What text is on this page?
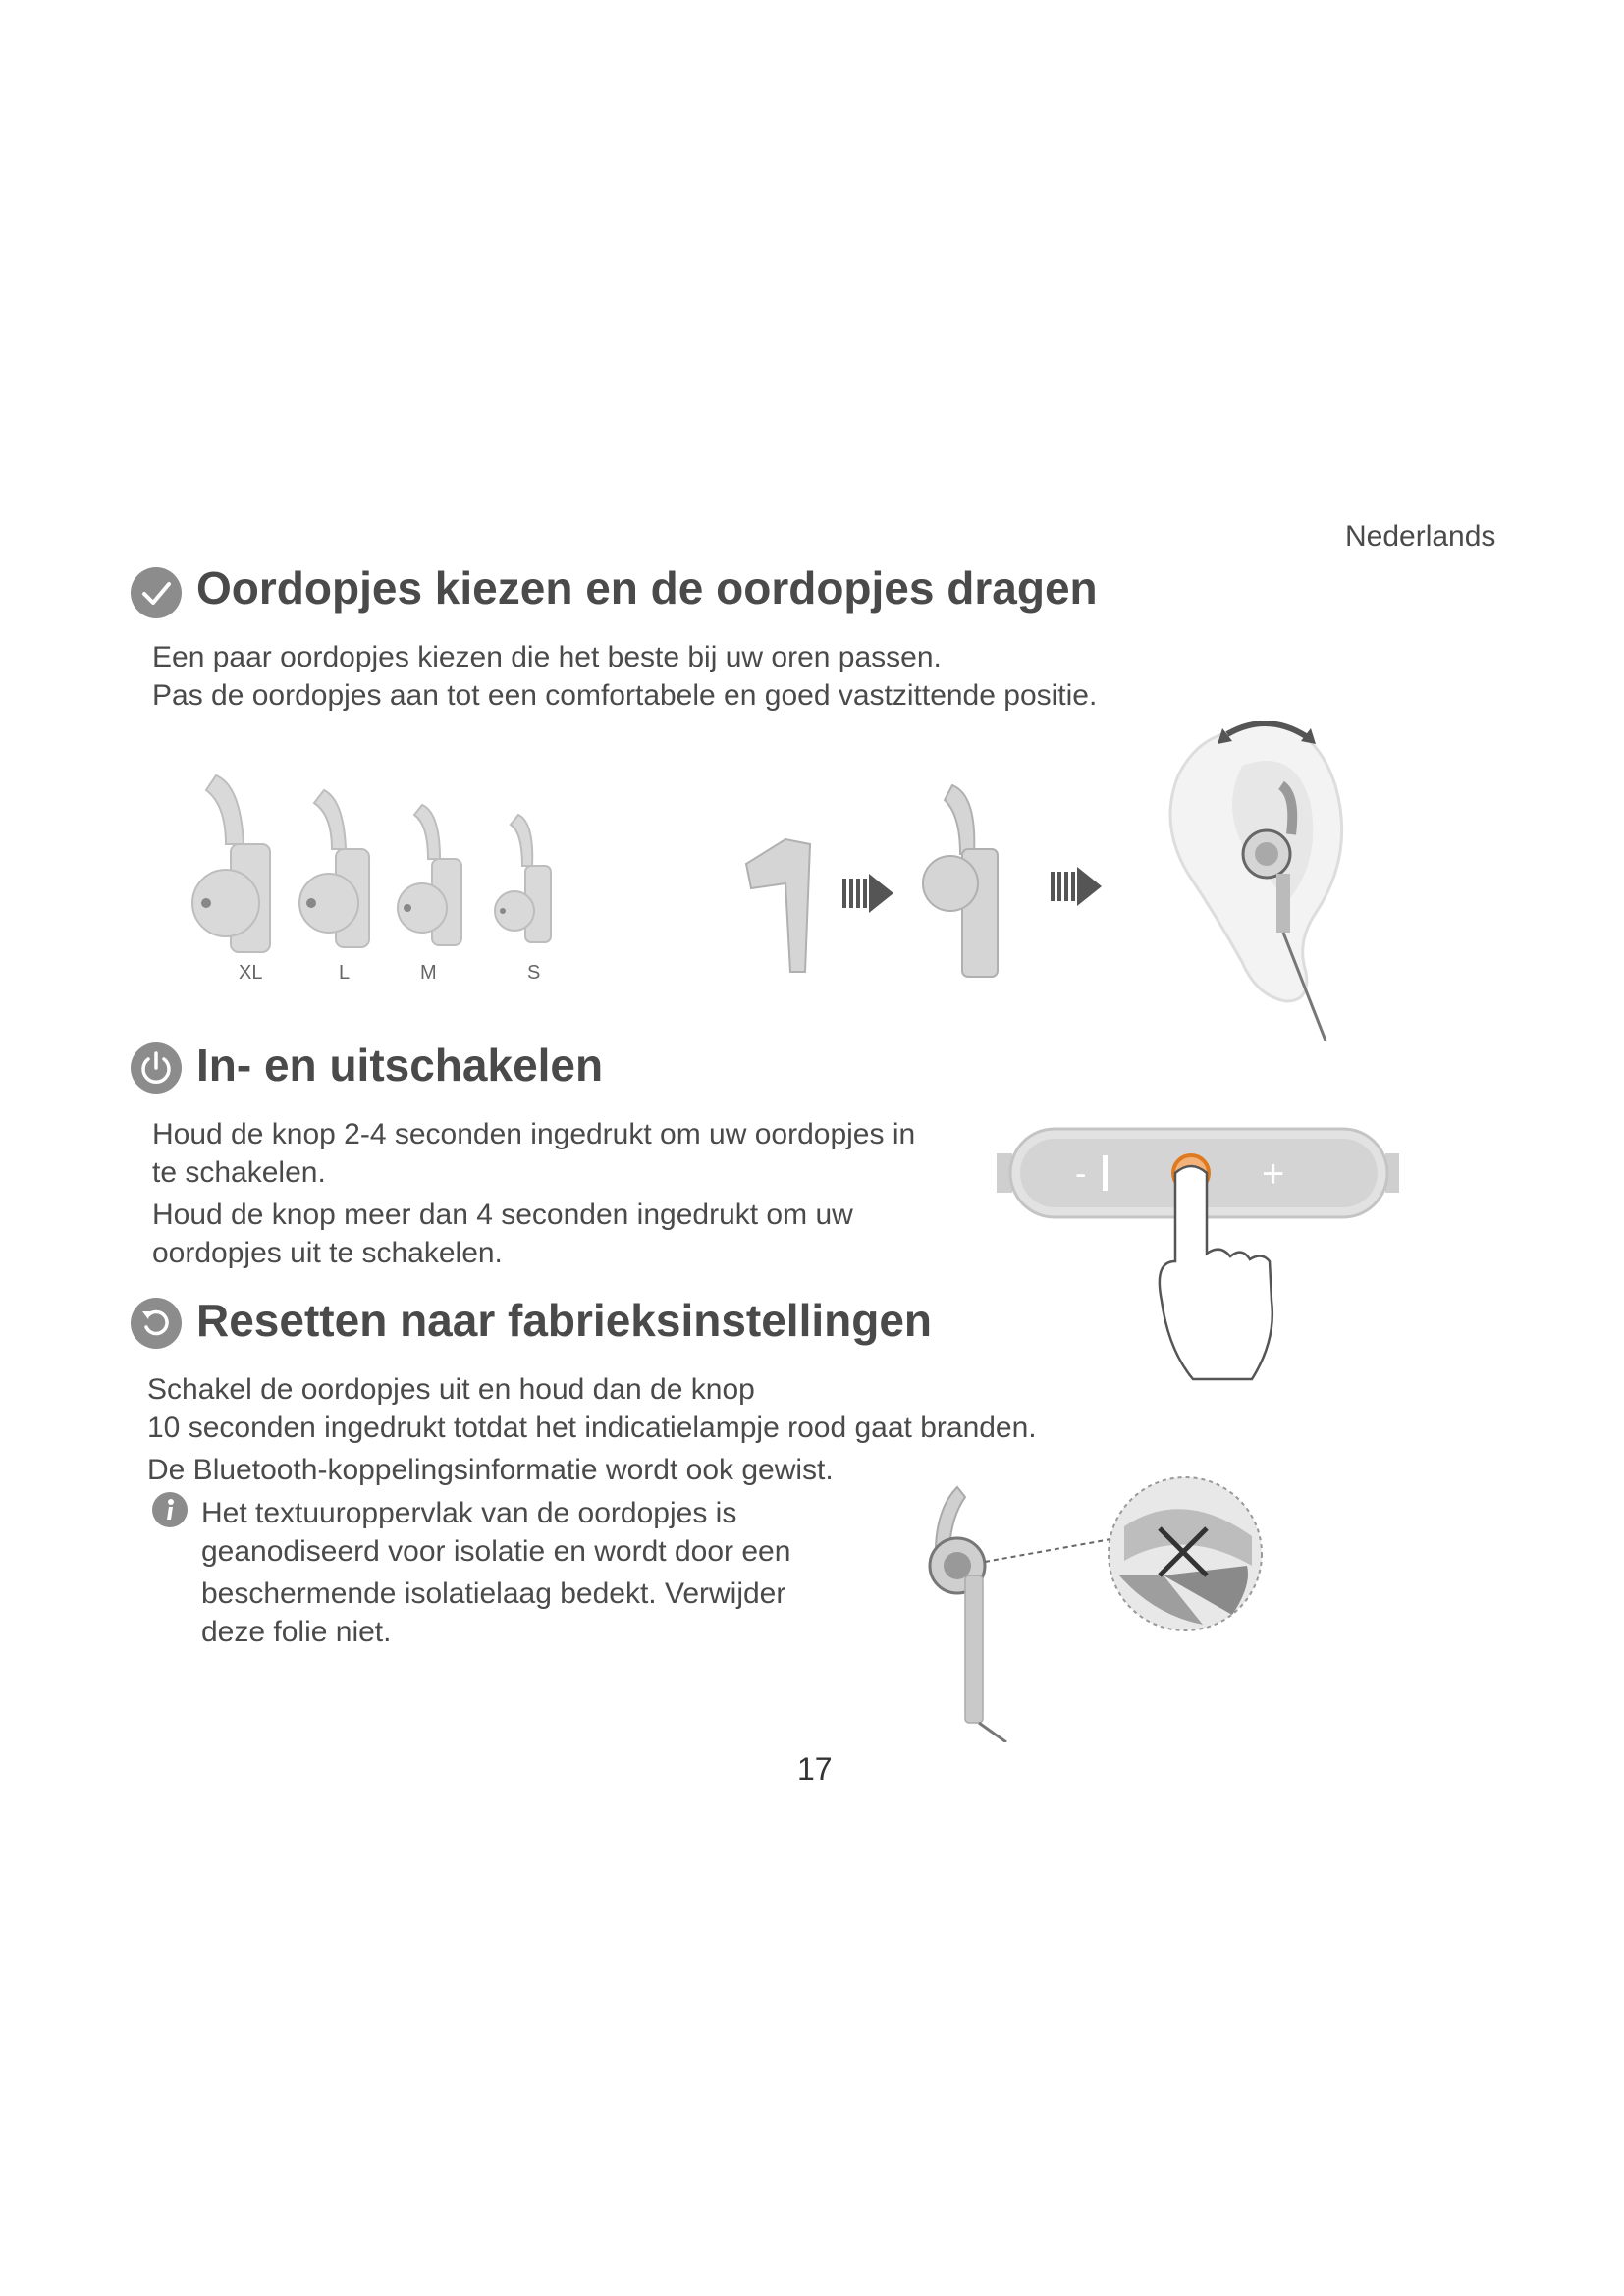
Nederlands
Oordopjes kiezen en de oordopjes dragen
Een paar oordopjes kiezen die het beste bij uw oren passen.
Pas de oordopjes aan tot een comfortabele en goed vastzittende positie.
XL	L	M	S
In- en uitschakelen
Houd de knop 2-4 seconden ingedrukt om uw oordopjes in
te schakelen.
Houd de knop meer dan 4 seconden ingedrukt om uw
oordopjes uit te schakelen.
-	+
Resetten naar fabrieksinstellingen
Schakel de oordopjes uit en houd dan de knop
10 seconden ingedrukt totdat het indicatielampje rood gaat branden.
De Bluetooth-koppelingsinformatie wordt ook gewist.
Het textuuroppervlak van de oordopjes is
geanodiseerd voor isolatie en wordt door een
beschermende isolatielaag bedekt. Verwijder
deze folie niet.
17
